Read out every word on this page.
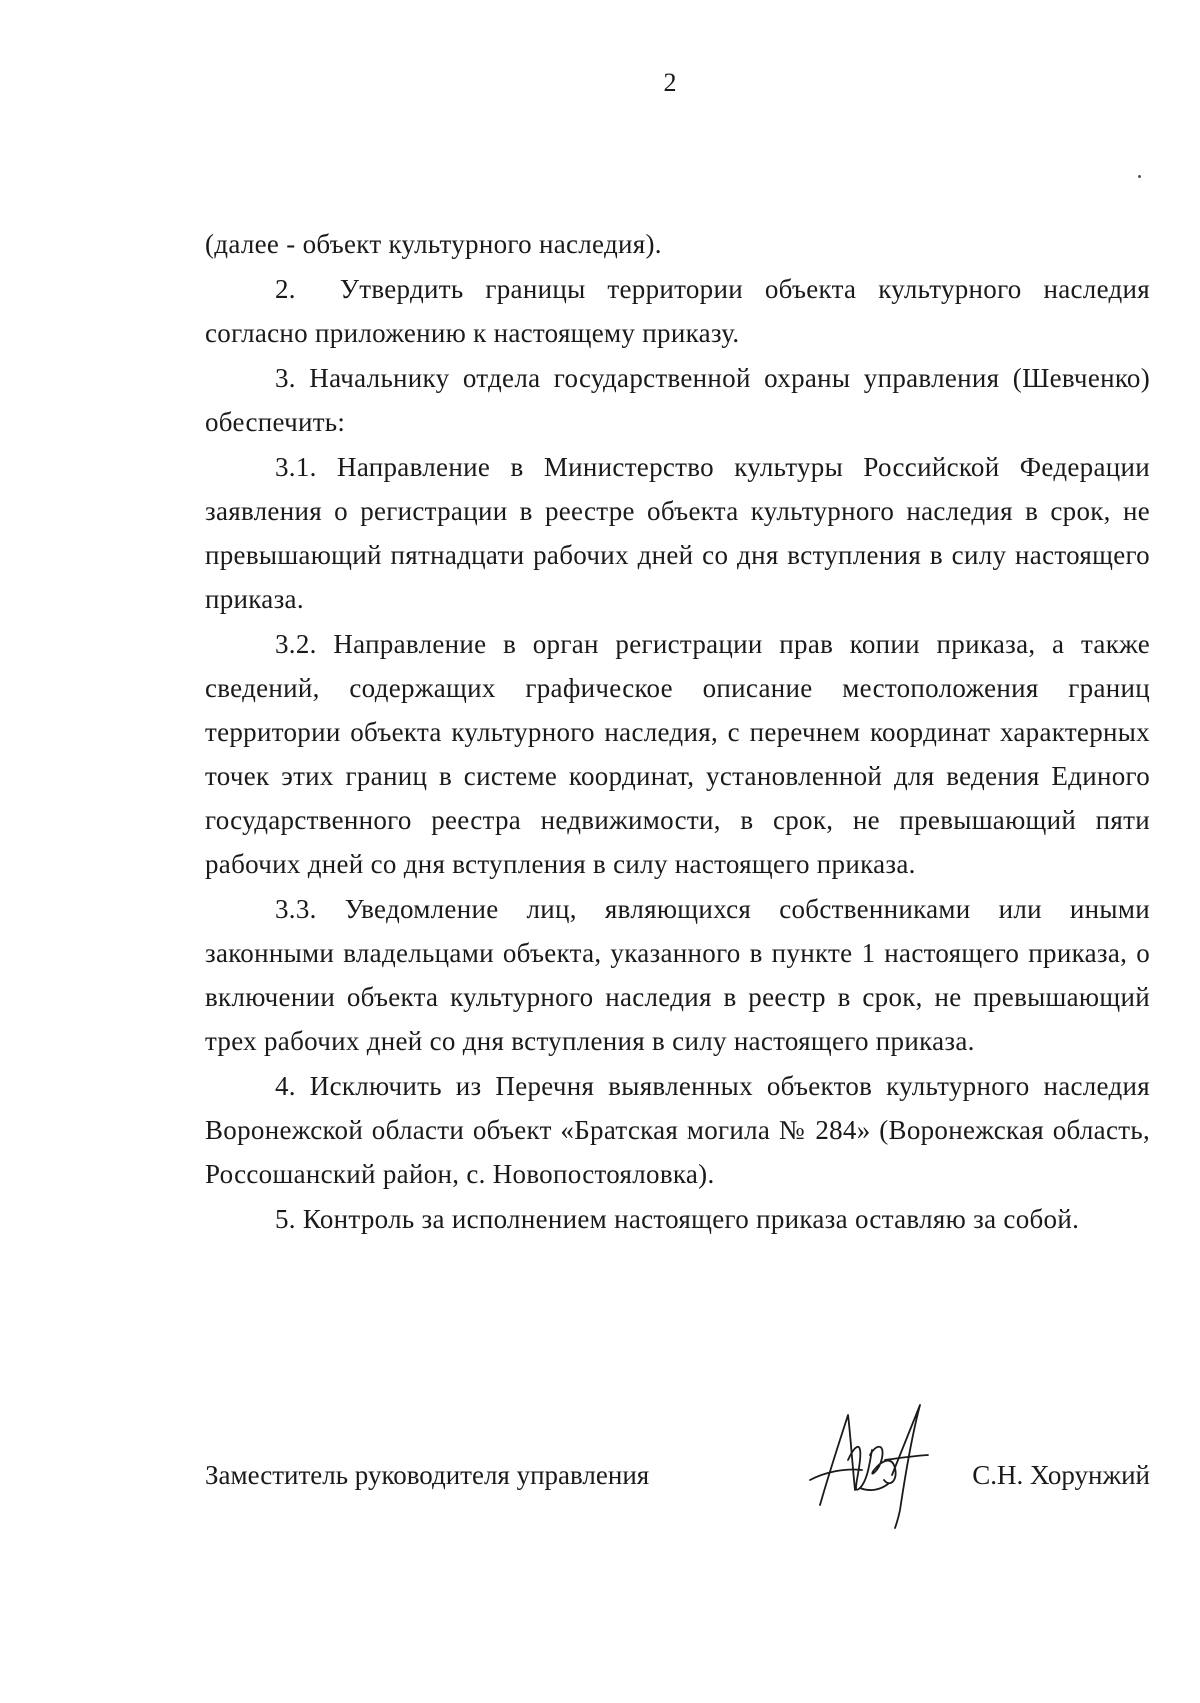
2

(далее - объект культурного наследия).

2. Утвердить границы территории объекта культурного наследия согласно приложению к настоящему приказу.

3. Начальнику отдела государственной охраны управления (Шевченко) обеспечить:

3.1. Направление в Министерство культуры Российской Федерации заявления о регистрации в реестре объекта культурного наследия в срок, не превышающий пятнадцати рабочих дней со дня вступления в силу настоящего приказа.

3.2. Направление в орган регистрации прав копии приказа, а также сведений, содержащих графическое описание местоположения границ территории объекта культурного наследия, с перечнем координат характерных точек этих границ в системе координат, установленной для ведения Единого государственного реестра недвижимости, в срок, не превышающий пяти рабочих дней со дня вступления в силу настоящего приказа.

3.3. Уведомление лиц, являющихся собственниками или иными законными владельцами объекта, указанного в пункте 1 настоящего приказа, о включении объекта культурного наследия в реестр в срок, не превышающий трех рабочих дней со дня вступления в силу настоящего приказа.

4. Исключить из Перечня выявленных объектов культурного наследия Воронежской области объект «Братская могила № 284» (Воронежская область, Россошанский район, с. Новопостояловка).

5. Контроль за исполнением настоящего приказа оставляю за собой.

Заместитель руководителя управления	С.Н. Хорунжий
